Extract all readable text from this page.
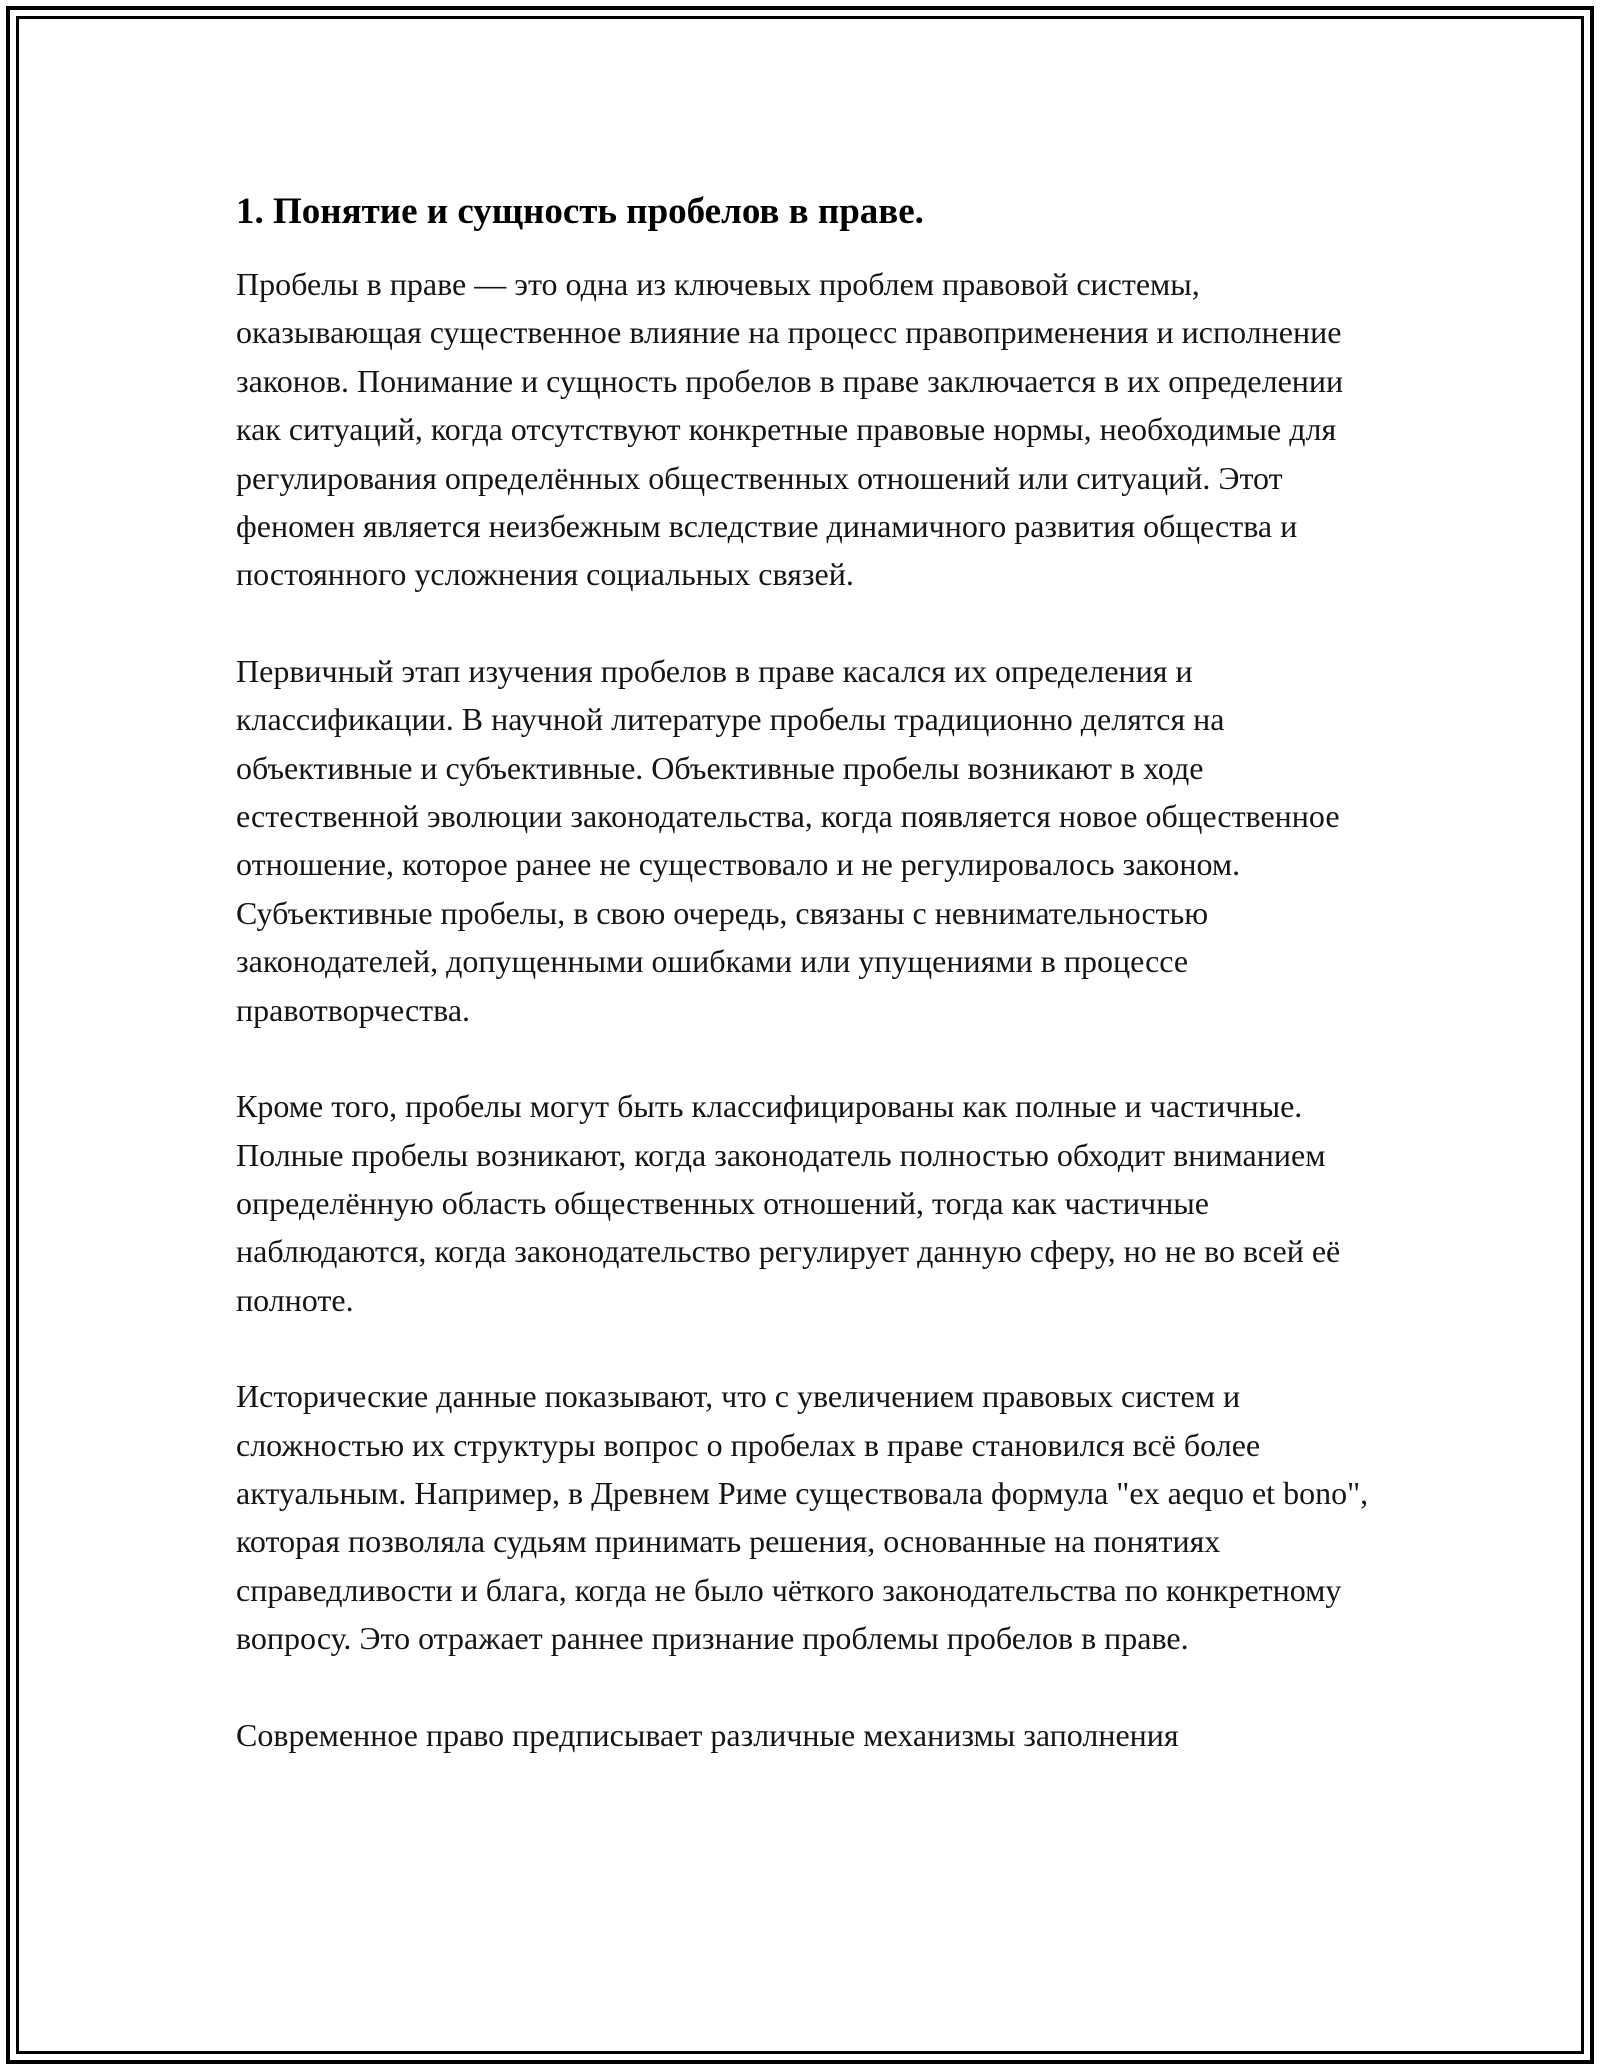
1. Понятие и сущность пробелов в праве.

Пробелы в праве — это одна из ключевых проблем правовой системы, оказывающая существенное влияние на процесс правоприменения и исполнение законов. Понимание и сущность пробелов в праве заключается в их определении как ситуаций, когда отсутствуют конкретные правовые нормы, необходимые для регулирования определённых общественных отношений или ситуаций. Этот феномен является неизбежным вследствие динамичного развития общества и постоянного усложнения социальных связей.

Первичный этап изучения пробелов в праве касался их определения и классификации. В научной литературе пробелы традиционно делятся на объективные и субъективные. Объективные пробелы возникают в ходе естественной эволюции законодательства, когда появляется новое общественное отношение, которое ранее не существовало и не регулировалось законом. Субъективные пробелы, в свою очередь, связаны с невнимательностью законодателей, допущенными ошибками или упущениями в процессе правотворчества.

Кроме того, пробелы могут быть классифицированы как полные и частичные. Полные пробелы возникают, когда законодатель полностью обходит вниманием определённую область общественных отношений, тогда как частичные наблюдаются, когда законодательство регулирует данную сферу, но не во всей её полноте.

Исторические данные показывают, что с увеличением правовых систем и сложностью их структуры вопрос о пробелах в праве становился всё более актуальным. Например, в Древнем Риме существовала формула "ex aequo et bono", которая позволяла судьям принимать решения, основанные на понятиях справедливости и блага, когда не было чёткого законодательства по конкретному вопросу. Это отражает раннее признание проблемы пробелов в праве.

Современное право предписывает различные механизмы заполнения
